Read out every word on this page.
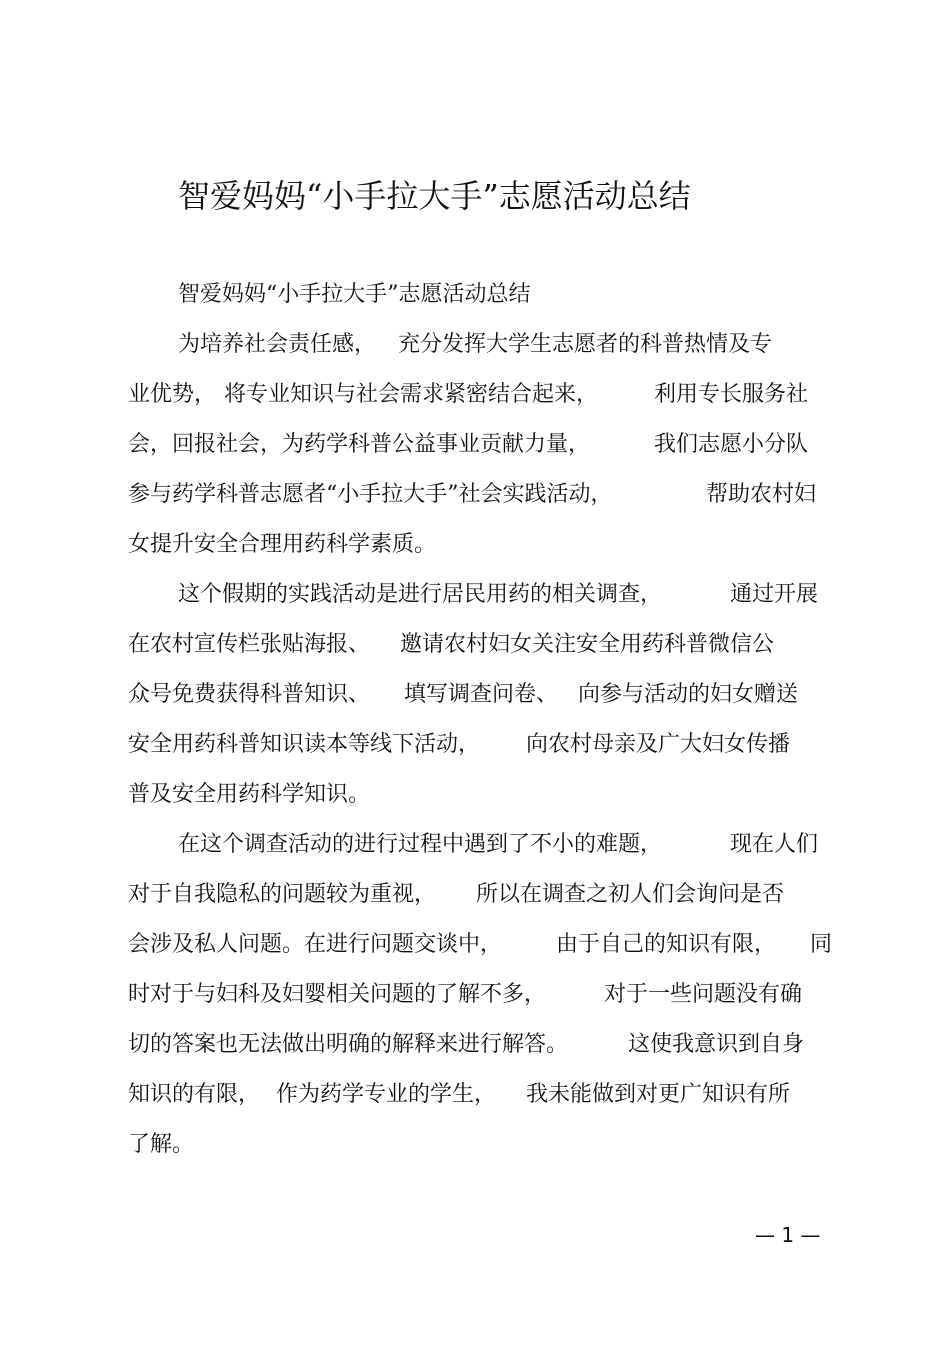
智爱妈妈“小手拉大手”志愿活动总结
智爱妈妈“小手拉大手”志愿活动总结
为培养社会责任感， 充分发挥大学生志愿者的科普热情及专
业优势， 将专业知识与社会需求紧密结合起来，	利用专长服务社
会，回报社会，为药学科普公益事业贡献力量，	我们志愿小分队
参与药学科普志愿者“小手拉大手”社会实践活动，	帮助农村妇
女提升安全合理用药科学素质。
这个假期的实践活动是进行居民用药的相关调查，	通过开展
在农村宣传栏张贴海报、 邀请农村妇女关注安全用药科普微信公
众号免费获得科普知识、 填写调查问卷、 向参与活动的妇女赠送
安全用药科普知识读本等线下活动， 向农村母亲及广大妇女传播
普及安全用药科学知识。
在这个调查活动的进行过程中遇到了不小的难题，	现在人们
对于自我隐私的问题较为重视， 所以在调查之初人们会询问是否
会涉及私人问题。在进行问题交谈中， 由于自己的知识有限， 同
时对于与妇科及妇婴相关问题的了解不多，	对于一些问题没有确
切的答案也无法做出明确的解释来进行解答。	这使我意识到自身
知识的有限， 作为药学专业的学生， 我未能做到对更广知识有所
了解。
— 1 —
